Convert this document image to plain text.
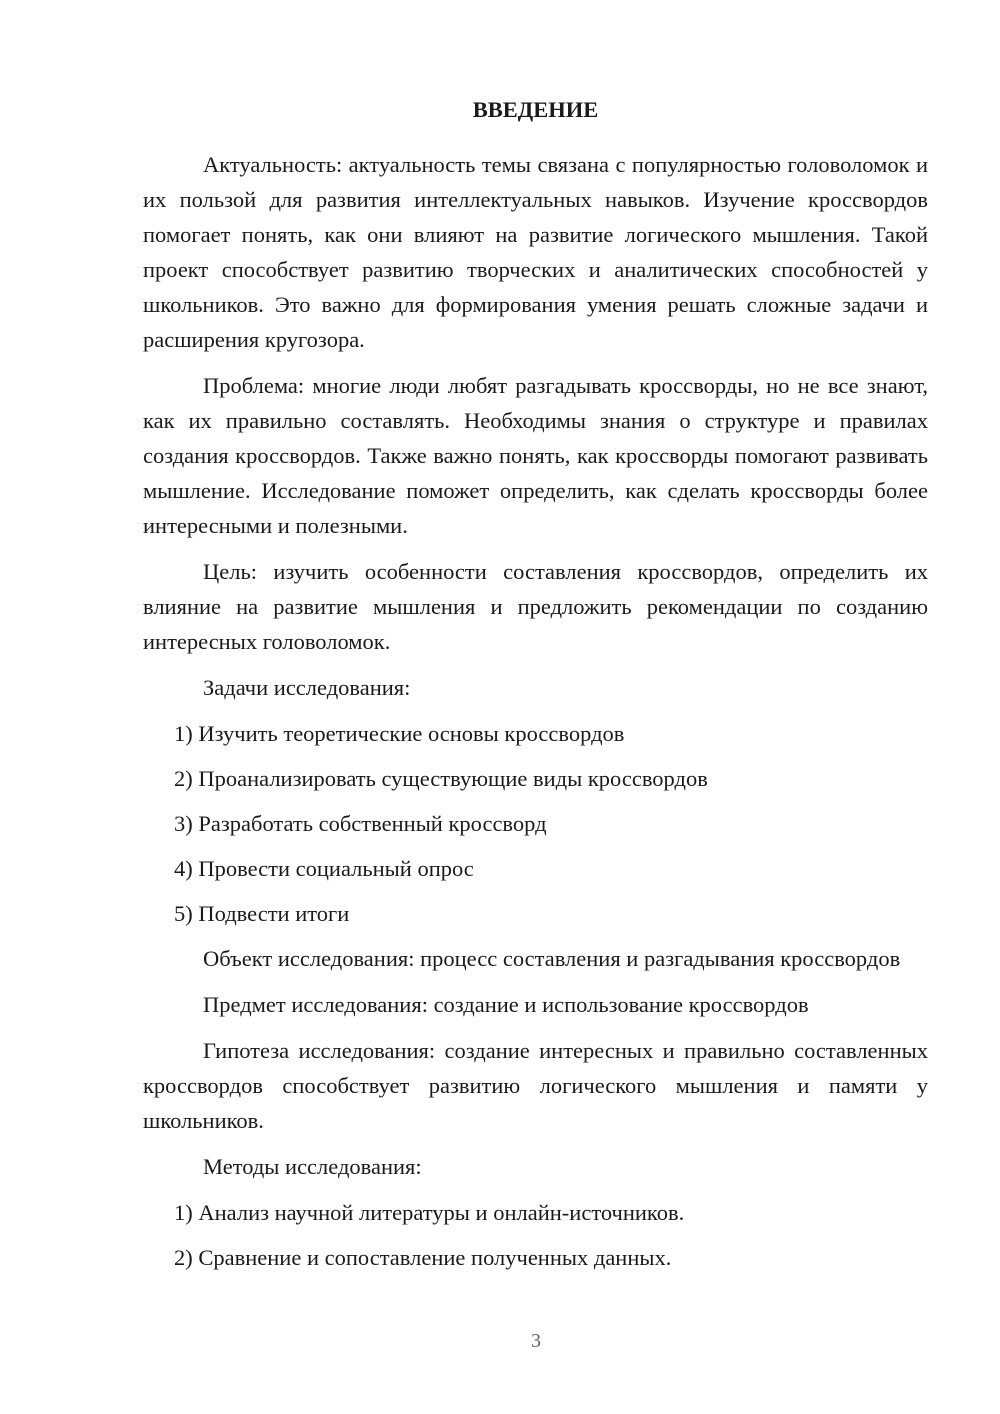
ВВЕДЕНИЕ

Актуальность: актуальность темы связана с популярностью головоломок и их пользой для развития интеллектуальных навыков. Изучение кроссвордов помогает понять, как они влияют на развитие логического мышления. Такой проект способствует развитию творческих и аналитических способностей у школьников. Это важно для формирования умения решать сложные задачи и расширения кругозора.

Проблема: многие люди любят разгадывать кроссворды, но не все знают, как их правильно составлять. Необходимы знания о структуре и правилах создания кроссвордов. Также важно понять, как кроссворды помогают развивать мышление. Исследование поможет определить, как сделать кроссворды более интересными и полезными.

Цель: изучить особенности составления кроссвордов, определить их влияние на развитие мышления и предложить рекомендации по созданию интересных головоломок.

Задачи исследования:

1) Изучить теоретические основы кроссвордов
2) Проанализировать существующие виды кроссвордов
3) Разработать собственный кроссворд
4) Провести социальный опрос
5) Подвести итоги

Объект исследования: процесс составления и разгадывания кроссвордов

Предмет исследования: создание и использование кроссвордов

Гипотеза исследования: создание интересных и правильно составленных кроссвордов способствует развитию логического мышления и памяти у школьников.

Методы исследования:

1) Анализ научной литературы и онлайн-источников.
2) Сравнение и сопоставление полученных данных.
3
